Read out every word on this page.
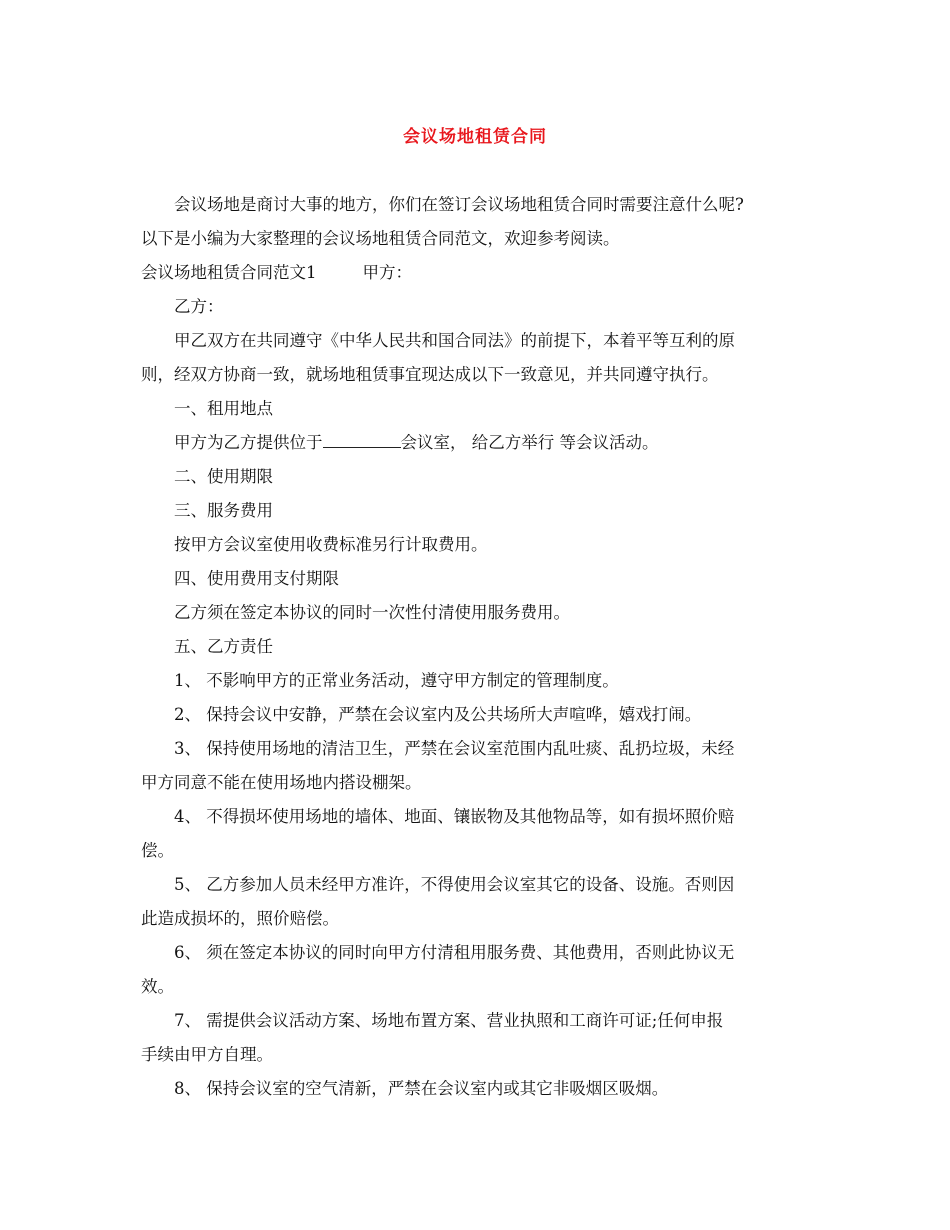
会议场地租赁合同

会议场地是商讨大事的地方，你们在签订会议场地租赁合同时需要注意什么呢?

以下是小编为大家整理的会议场地租赁合同范文，欢迎参考阅读。

会议场地租赁合同范文1	甲方：

乙方：

甲乙双方在共同遵守《中华人民共和国合同法》的前提下，本着平等互利的原

则，经双方协商一致，就场地租赁事宜现达成以下一致意见，并共同遵守执行。

一、租用地点

甲方为乙方提供位于	会议室， 给乙方举行 等会议活动。

二、使用期限

三、服务费用

按甲方会议室使用收费标准另行计取费用。

四、使用费用支付期限

乙方须在签定本协议的同时一次性付清使用服务费用。

五、乙方责任

1、 不影响甲方的正常业务活动，遵守甲方制定的管理制度。

2、 保持会议中安静，严禁在会议室内及公共场所大声喧哗，嬉戏打闹。

3、 保持使用场地的清洁卫生，严禁在会议室范围内乱吐痰、乱扔垃圾，未经

甲方同意不能在使用场地内搭设棚架。

4、 不得损坏使用场地的墙体、地面、镶嵌物及其他物品等，如有损坏照价赔

偿。

5、 乙方参加人员未经甲方准许，不得使用会议室其它的设备、设施。否则因

此造成损坏的，照价赔偿。

6、 须在签定本协议的同时向甲方付清租用服务费、其他费用，否则此协议无

效。

7、 需提供会议活动方案、场地布置方案、营业执照和工商许可证;任何申报

手续由甲方自理。

8、 保持会议室的空气清新，严禁在会议室内或其它非吸烟区吸烟。
